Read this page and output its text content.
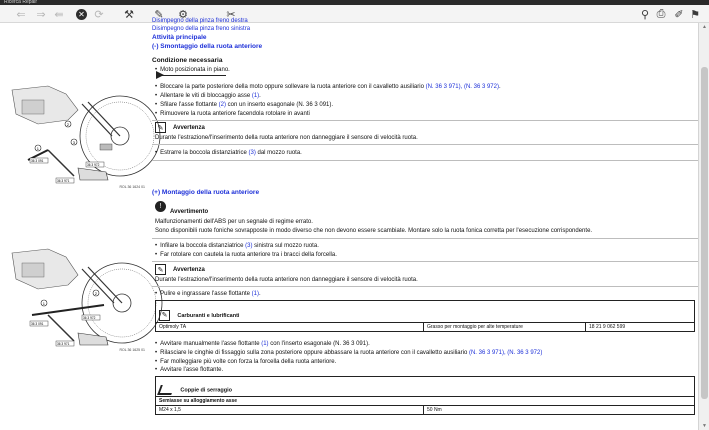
Ricerca Repair
⇐ ⇒ ⇚ ✕ ⟳ ⚒ ✎ ⚙	✂	⚲ ⎙ ✐ ⚑
2
1
3
36 3 091
36 3 972
36 3 971
ROL 36 1624 01
1
2
36 3 972
36 3 091
36 3 971
ROL 36 1625 01
Disimpegno della pinza freno destra
Disimpegno della pinza freno sinistra
Attività principale
(-) Smontaggio della ruota anteriore
Condizione necessaria
• Moto posizionata in piano.
• Bloccare la parte posteriore della moto oppure sollevare la ruota anteriore con il cavalletto ausiliario (N. 36 3 971), (N. 36 3 972).
• Allentare le viti di bloccaggio asse (1).
• Sfilare l'asse flottante (2) con un inserto esagonale (N. 36 3 091).
• Rimuovere la ruota anteriore facendola rotolare in avanti
✎	Avvertenza
Durante l'estrazione/l'inserimento della ruota anteriore non danneggiare il sensore di velocità ruota.
• Estrarre la boccola distanziatrice (3) dal mozzo ruota.
(+) Montaggio della ruota anteriore
!
Avvertimento
Malfunzionamenti dell'ABS per un segnale di regime errato.
Sono disponibili ruote foniche sovrapposte in modo diverso che non devono essere scambiate. Montare solo la ruota fonica corretta per l'esecuzione corrispondente.
• Infilare la boccola distanziatrice (3) sinistra sul mozzo ruota.
• Far rotolare con cautela la ruota anteriore tra i bracci della forcella.
✎	Avvertenza
Durante l'estrazione/l'inserimento della ruota anteriore non danneggiare il sensore di velocità ruota.
• Pulire e ingrassare l'asse flottante (1).
✎ Carburanti e lubrificanti
Optimoly TA	Grasso per montaggio per alte temperature	18 21 9 062 599
• Avvitare manualmente l'asse flottante (1) con l'inserto esagonale (N. 36 3 091).
• Rilasciare le cinghie di fissaggio sulla zona posteriore oppure abbassare la ruota anteriore con il cavalletto ausiliario (N. 36 3 971), (N. 36 3 972)
• Far molleggiare più volte con forza la forcella della ruota anteriore.
• Avvitare l'asse flottante.
Coppie di serraggio
Semiasse su alloggiamento asse
M24 x 1,5	50 Nm
▲
▼
